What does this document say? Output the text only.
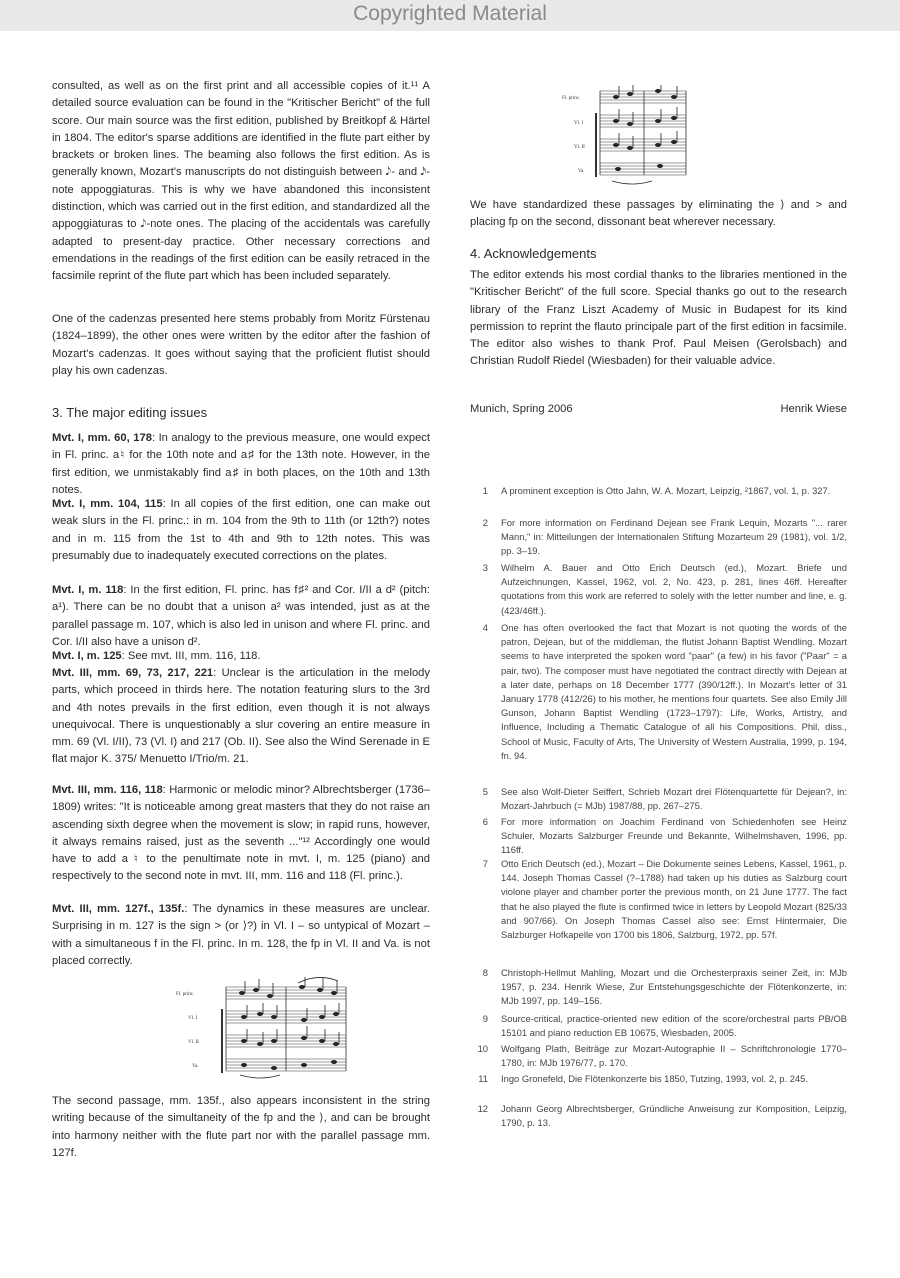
Copyrighted Material

consulted, as well as on the first print and all accessible copies of it.¹¹ A detailed source evaluation can be found in the "Kritischer Bericht" of the full score. Our main source was the first edition, published by Breitkopf & Härtel in 1804. The editor's sparse additions are identified in the flute part either by brackets or broken lines. The beaming also follows the first edition. As is generally known, Mozart's manuscripts do not distinguish between 𝅘𝅥𝅮- and 𝅘𝅥𝅯-note appoggiaturas. This is why we have abandoned this inconsistent distinction, which was carried out in the first edition, and standardized all the appoggiaturas to 𝅘𝅥𝅮-note ones. The placing of the accidentals was carefully adapted to present-day practice. Other necessary corrections and emendations in the readings of the first edition can be easily retraced in the facsimile reprint of the flute part which has been included separately.

One of the cadenzas presented here stems probably from Moritz Fürstenau (1824–1899), the other ones were written by the editor after the fashion of Mozart's cadenzas. It goes without saying that the proficient flutist should play his own cadenzas.

3. The major editing issues

Mvt. I, mm. 60, 178: In analogy to the previous measure, one would expect in Fl. princ. a♮ for the 10th note and a♯ for the 13th note. However, in the first edition, we unmistakably find a♯ in both places, on the 10th and 13th notes.

Mvt. I, mm. 104, 115: In all copies of the first edition, one can make out weak slurs in the Fl. princ.: in m. 104 from the 9th to 11th (or 12th?) notes and in m. 115 from the 1st to 4th and 9th to 12th notes. This was presumably due to inadequately executed corrections on the plates.

Mvt. I, m. 118: In the first edition, Fl. princ. has f♯² and Cor. I/II a d² (pitch: a¹). There can be no doubt that a unison a² was intended, just as at the parallel passage m. 107, which is also led in unison and where Fl. princ. and Cor. I/II also have a unison d².

Mvt. I, m. 125: See mvt. III, mm. 116, 118.

Mvt. III, mm. 69, 73, 217, 221: Unclear is the articulation in the melody parts, which proceed in thirds here. The notation featuring slurs to the 3rd and 4th notes prevails in the first edition, even though it is not always unequivocal. There is unquestionably a slur covering an entire measure in mm. 69 (Vl. I/II), 73 (Vl. I) and 217 (Ob. II). See also the Wind Serenade in E flat major K. 375/ Menuetto I/Trio/m. 21.

Mvt. III, mm. 116, 118: Harmonic or melodic minor? Albrechtsberger (1736–1809) writes: "It is noticeable among great masters that they do not raise an ascending sixth degree when the movement is slow; in rapid runs, however, it always remains raised, just as the seventh ..."¹² Accordingly one would have to add a ♮ to the penultimate note in mvt. I, m. 125 (piano) and respectively to the second note in mvt. III, mm. 116 and 118 (Fl. princ.).

Mvt. III, mm. 127f., 135f.: The dynamics in these measures are unclear. Surprising in m. 127 is the sign > (or ⟩?) in Vl. I – so untypical of Mozart – with a simultaneous f in the Fl. princ. In m. 128, the fp in Vl. II and Va. is not placed correctly.

Fl. princ.
Vl. I
Vl. II
Va.

The second passage, mm. 135f., also appears inconsistent in the string writing because of the simultaneity of the fp and the ⟩, and can be brought into harmony neither with the flute part nor with the parallel passage mm. 127f.

Fl. princ.
Vl. I
Vl. II
Va.

We have standardized these passages by eliminating the ⟩ and > and placing fp on the second, dissonant beat wherever necessary.

4. Acknowledgements

The editor extends his most cordial thanks to the libraries mentioned in the "Kritischer Bericht" of the full score. Special thanks go out to the research library of the Franz Liszt Academy of Music in Budapest for its kind permission to reprint the flauto principale part of the first edition in facsimile. The editor also wishes to thank Prof. Paul Meisen (Gerolsbach) and Christian Rudolf Riedel (Wiesbaden) for their valuable advice.

Munich, Spring 2006	Henrik Wiese
1 A prominent exception is Otto Jahn, W. A. Mozart, Leipzig, ²1867, vol. 1, p. 327.
2 For more information on Ferdinand Dejean see Frank Lequin, Mozarts "... rarer Mann," in: Mitteilungen der Internationalen Stiftung Mozarteum 29 (1981), vol. 1/2, pp. 3–19.
3 Wilhelm A. Bauer and Otto Erich Deutsch (ed.), Mozart. Briefe und Aufzeichnungen, Kassel, 1962, vol. 2, No. 423, p. 281, lines 46ff. Hereafter quotations from this work are referred to solely with the letter number and line, e. g. (423/46ff.).
4 One has often overlooked the fact that Mozart is not quoting the words of the patron, Dejean, but of the middleman, the flutist Johann Baptist Wendling. Mozart seems to have interpreted the spoken word "paar" (a few) in his favor ("Paar" = a pair, two). The composer must have negotiated the contract directly with Dejean at a later date, perhaps on 18 December 1777 (390/12ff.). In Mozart's letter of 31 January 1778 (412/26) to his mother, he mentions four quartets. See also Emily Jill Gunson, Johann Baptist Wendling (1723–1797): Life, Works, Artistry, and Influence, Including a Thematic Catalogue of all his Compositions. Phil. diss., School of Music, Faculty of Arts, The University of Western Australia, 1999, p. 194, fn. 94.
5 See also Wolf-Dieter Seiffert, Schrieb Mozart drei Flötenquartette für Dejean?, in: Mozart-Jahrbuch (= MJb) 1987/88, pp. 267–275.
6 For more information on Joachim Ferdinand von Schiedenhofen see Heinz Schuler, Mozarts Salzburger Freunde und Bekannte, Wilhelmshaven, 1996, pp. 116ff.
7 Otto Erich Deutsch (ed.), Mozart – Die Dokumente seines Lebens, Kassel, 1961, p. 144. Joseph Thomas Cassel (?–1788) had taken up his duties as Salzburg court violone player and chamber porter the previous month, on 21 June 1777. The fact that he also played the flute is confirmed twice in letters by Leopold Mozart (825/33 and 907/66). On Joseph Thomas Cassel also see: Ernst Hintermaier, Die Salzburger Hofkapelle von 1700 bis 1806, Salzburg, 1972, pp. 57f.
8 Christoph-Hellmut Mahling, Mozart und die Orchesterpraxis seiner Zeit, in: MJb 1957, p. 234. Henrik Wiese, Zur Entstehungsgeschichte der Flötenkonzerte, in: MJb 1997, pp. 149–156.
9 Source-critical, practice-oriented new edition of the score/orchestral parts PB/OB 15101 and piano reduction EB 10675, Wiesbaden, 2005.
10 Wolfgang Plath, Beiträge zur Mozart-Autographie II – Schriftchronologie 1770–1780, in: MJb 1976/77, p. 170.
11 Ingo Gronefeld, Die Flötenkonzerte bis 1850, Tutzing, 1993, vol. 2, p. 245.
12 Johann Georg Albrechtsberger, Gründliche Anweisung zur Komposition, Leipzig, 1790, p. 13.
